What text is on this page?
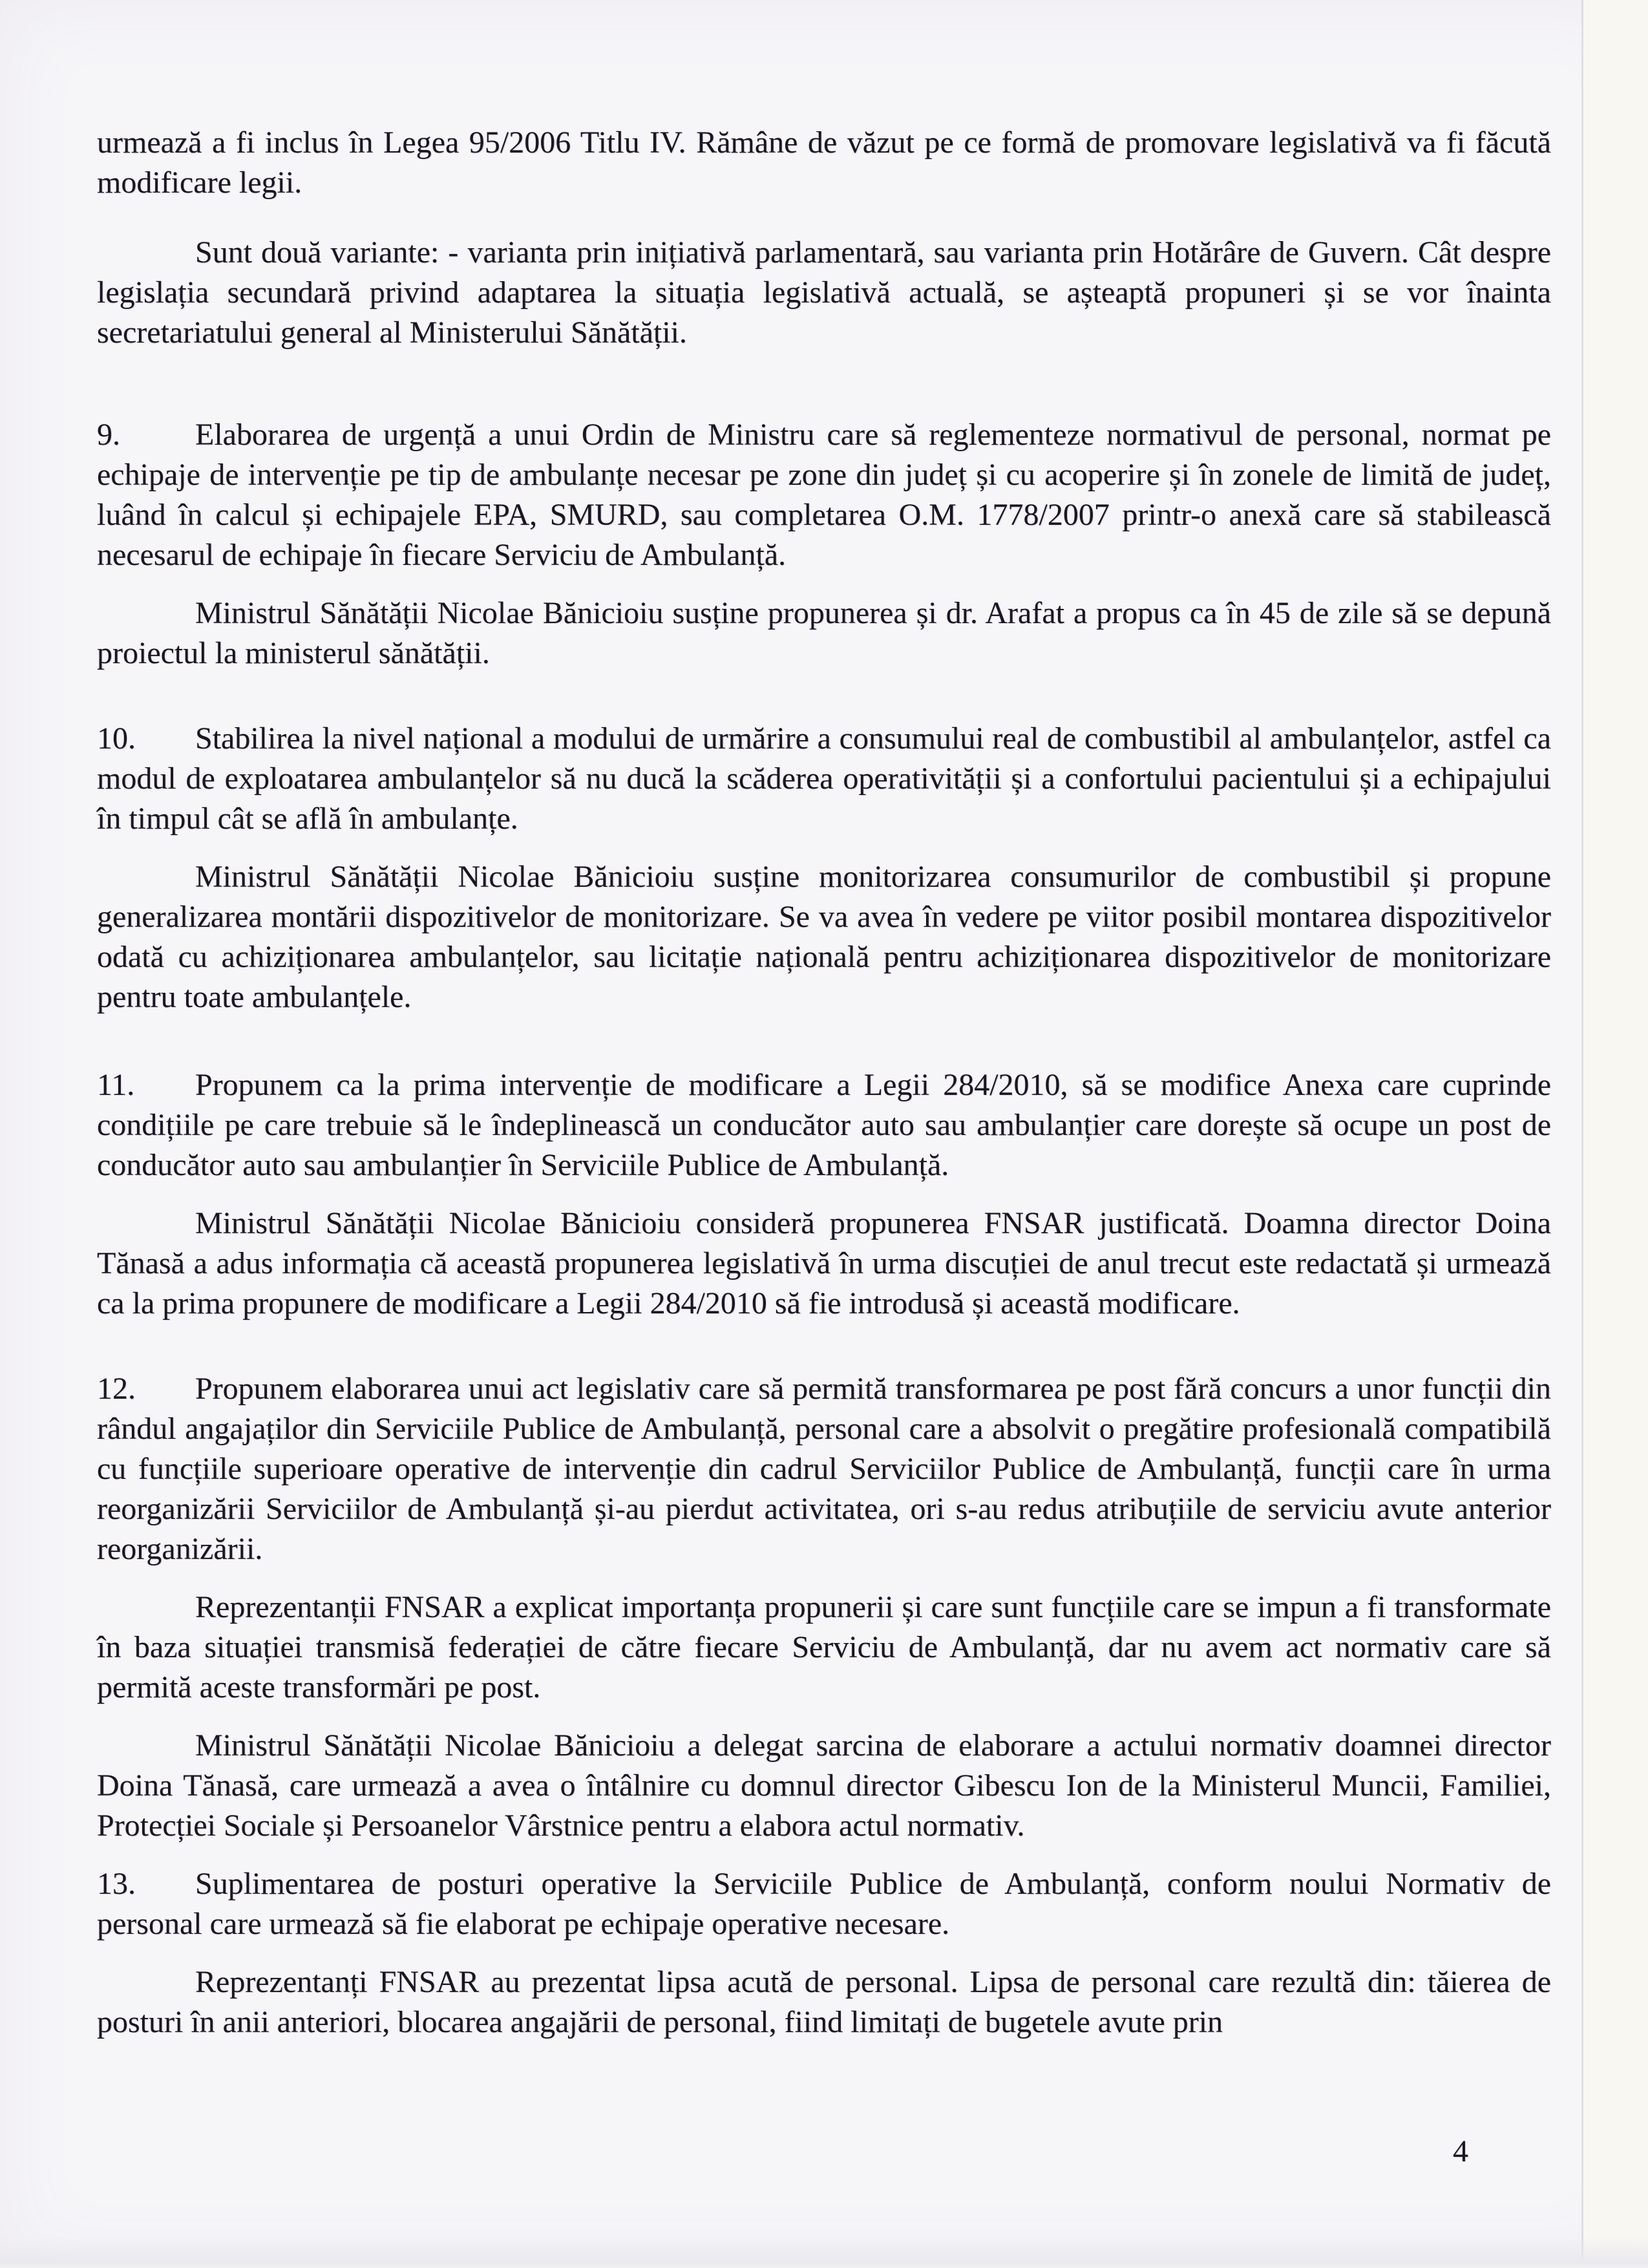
urmează a fi inclus în Legea 95/2006 Titlu IV. Rămâne de văzut pe ce formă de promovare legislativă va fi făcută modificare legii.

Sunt două variante: - varianta prin inițiativă parlamentară, sau varianta prin Hotărâre de Guvern. Cât despre legislația secundară privind adaptarea la situația legislativă actuală, se așteaptă propuneri și se vor înainta secretariatului general al Ministerului Sănătății.

9. Elaborarea de urgență a unui Ordin de Ministru care să reglementeze normativul de personal, normat pe echipaje de intervenție pe tip de ambulanțe necesar pe zone din județ și cu acoperire și în zonele de limită de județ, luând în calcul și echipajele EPA, SMURD, sau completarea O.M. 1778/2007 printr-o anexă care să stabilească necesarul de echipaje în fiecare Serviciu de Ambulanță.

Ministrul Sănătății Nicolae Bănicioiu susține propunerea și dr. Arafat a propus ca în 45 de zile să se depună proiectul la ministerul sănătății.

10. Stabilirea la nivel național a modului de urmărire a consumului real de combustibil al ambulanțelor, astfel ca modul de exploatarea ambulanțelor să nu ducă la scăderea operativității și a confortului pacientului și a echipajului în timpul cât se află în ambulanțe.

Ministrul Sănătății Nicolae Bănicioiu susține monitorizarea consumurilor de combustibil și propune generalizarea montării dispozitivelor de monitorizare. Se va avea în vedere pe viitor posibil montarea dispozitivelor odată cu achiziționarea ambulanțelor, sau licitație națională pentru achiziționarea dispozitivelor de monitorizare pentru toate ambulanțele.

11. Propunem ca la prima intervenție de modificare a Legii 284/2010, să se modifice Anexa care cuprinde condițiile pe care trebuie să le îndeplinească un conducător auto sau ambulanțier care dorește să ocupe un post de conducător auto sau ambulanțier în Serviciile Publice de Ambulanță.

Ministrul Sănătății Nicolae Bănicioiu consideră propunerea FNSAR justificată. Doamna director Doina Tănasă a adus informația că această propunerea legislativă în urma discuției de anul trecut este redactată și urmează ca la prima propunere de modificare a Legii 284/2010 să fie introdusă și această modificare.

12. Propunem elaborarea unui act legislativ care să permită transformarea pe post fără concurs a unor funcții din rândul angajaților din Serviciile Publice de Ambulanță, personal care a absolvit o pregătire profesională compatibilă cu funcțiile superioare operative de intervenție din cadrul Serviciilor Publice de Ambulanță, funcții care în urma reorganizării Serviciilor de Ambulanță și-au pierdut activitatea, ori s-au redus atribuțiile de serviciu avute anterior reorganizării.

Reprezentanții FNSAR a explicat importanța propunerii și care sunt funcțiile care se impun a fi transformate în baza situației transmisă federației de către fiecare Serviciu de Ambulanță, dar nu avem act normativ care să permită aceste transformări pe post.

Ministrul Sănătății Nicolae Bănicioiu a delegat sarcina de elaborare a actului normativ doamnei director Doina Tănasă, care urmează a avea o întâlnire cu domnul director Gibescu Ion de la Ministerul Muncii, Familiei, Protecției Sociale și Persoanelor Vârstnice pentru a elabora actul normativ.

13. Suplimentarea de posturi operative la Serviciile Publice de Ambulanță, conform noului Normativ de personal care urmează să fie elaborat pe echipaje operative necesare.

Reprezentanți FNSAR au prezentat lipsa acută de personal. Lipsa de personal care rezultă din: tăierea de posturi în anii anteriori, blocarea angajării de personal, fiind limitați de bugetele avute prin

4
